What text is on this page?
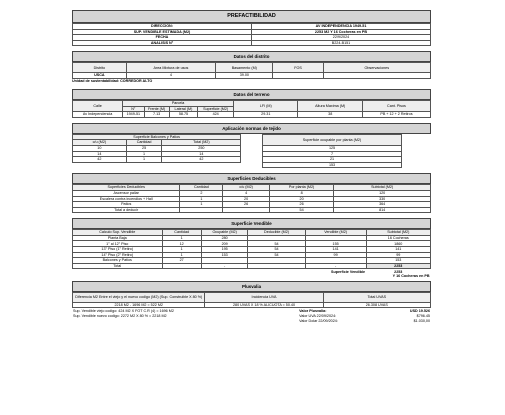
PREFACTIBILIDAD
DIRECCION:	AV INDEPENDENCIA 1949-51
SUP. VENDIBLE ESTIMADA (M2)	2253 M2 Y 16 Cocheras en PB
FECHA	22/9/2024
ANALISIS N°	B224-B151
Datos del distrito
Distrito	Area Mixtura de usos	Basamento (M)	FOS	Observaciones
USCA	4	39.00		
Unidad de sustentabilidad: CORREDOR ALTO
Datos del terreno
Calle	Parcela				LFI (M)	Altura Maxima (M)	Cant. Pisos
	N°	Frente (M)	Lateral (M)	Superficie (M2)			
Av Independencia	1949-51	7.13	58.75	424	29.31	38	PB + 12 + 2 Retiros
Aplicación normas de tejido
Superficie Balcones y Patios				Superficie ocupable por planta (M2)	
c/u (M2)	Cantidad	Total (M2)			
10	25	250		125	
14	1	14		7	
42	1	42		21	
				153	
Superficies Deducibles
Superficies Deducibles	Cantidad	c/u (M2)	Por planta (M2)	Subtotal (M2)
Ascensor paliar	2	4	8	120
Escalera contra incendios + Hall	1	20	20	330
Patios	1	26	26	364
Total a deducir			54	814
Superficie Vendible
Calculo Sup. Vendible	Cantidad	Ocupable (M2)	Deducible (M2)	Vendible (M2)	Subtotal (M2)
Planta Baja	1	280			16 Cocheras
1° al 12° Piso	12	209	54	155	1860
13° Piso (1° Retiro)	1	195	54	141	141
14° Piso (2° Retiro)	1	153	54	99	99
Balcones y Patios	27				153
Total		-		-	2253
				Superficie Vendible	2253
					Y 16 Cocheras en PB
Plusvalia
Diferencia M2 Entre el viejo y el nuevo codigo (M2) (Sup. Construible X 80 %)	Incidencia UVA	Total UVAS
2218 M2 - 1696 M2 = 522 M2	280 UVAS X 18 % ALICUOTA = 50.40	26.308 UVAS
Sup. Vendible viejo codigo: 424 M2 X FOT C.R (4) = 1696 M2	Valor Plusvalia:	USD 19.526
Sup. Vendible nuevo codigo: 2272 M2 X 80 % = 2218 M2	Valor UVA 22/09/2024:	$796.45
	Valor Dolar 22/09/2024:	$1.030,00
